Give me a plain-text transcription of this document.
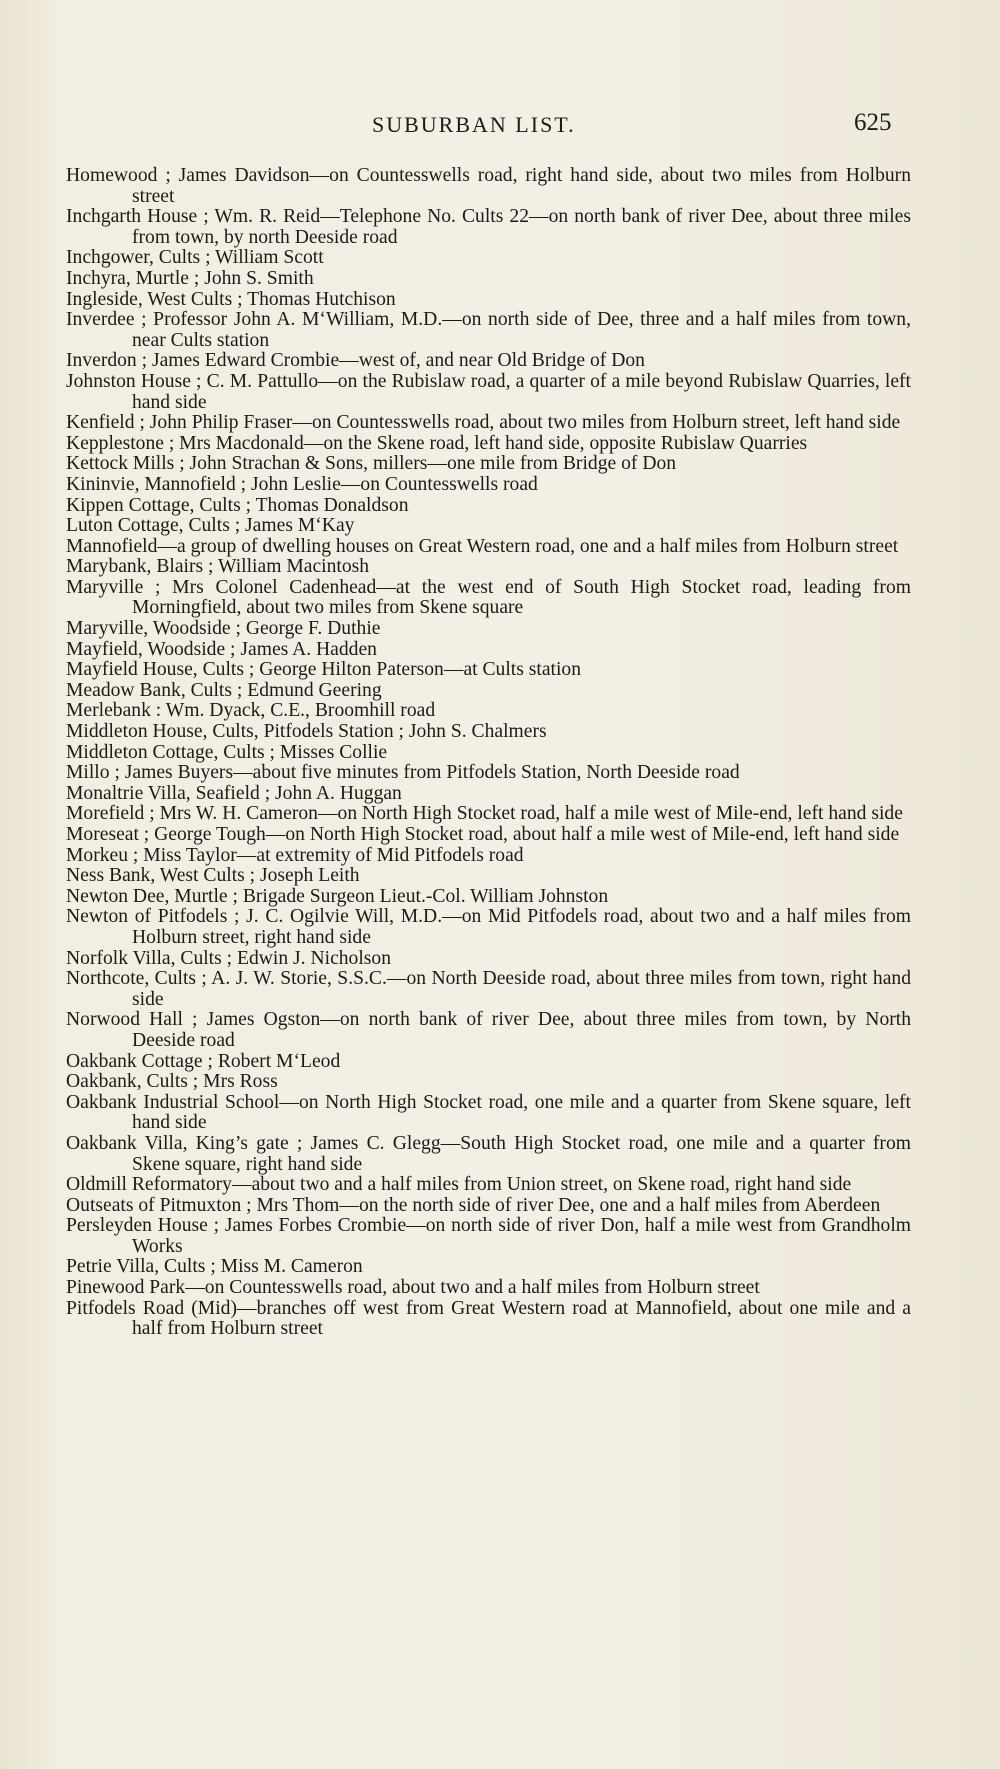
SUBURBAN LIST.	625
Homewood ; James Davidson—on Countesswells road, right hand side, about two miles from Holburn street
Inchgarth House ; Wm. R. Reid—Telephone No. Cults 22—on north bank of river Dee, about three miles from town, by north Deeside road
Inchgower, Cults ; William Scott
Inchyra, Murtle ; John S. Smith
Ingleside, West Cults ; Thomas Hutchison
Inverdee ; Professor John A. M‘William, M.D.—on north side of Dee, three and a half miles from town, near Cults station
Inverdon ; James Edward Crombie—west of, and near Old Bridge of Don
Johnston House ; C. M. Pattullo—on the Rubislaw road, a quarter of a mile beyond Rubislaw Quarries, left hand side
Kenfield ; John Philip Fraser—on Countesswells road, about two miles from Holburn street, left hand side
Kepplestone ; Mrs Macdonald—on the Skene road, left hand side, opposite Rubislaw Quarries
Kettock Mills ; John Strachan & Sons, millers—one mile from Bridge of Don
Kininvie, Mannofield ; John Leslie—on Countesswells road
Kippen Cottage, Cults ; Thomas Donaldson
Luton Cottage, Cults ; James M‘Kay
Mannofield—a group of dwelling houses on Great Western road, one and a half miles from Holburn street
Marybank, Blairs ; William Macintosh
Maryville ; Mrs Colonel Cadenhead—at the west end of South High Stocket road, leading from Morningfield, about two miles from Skene square
Maryville, Woodside ; George F. Duthie
Mayfield, Woodside ; James A. Hadden
Mayfield House, Cults ; George Hilton Paterson—at Cults station
Meadow Bank, Cults ; Edmund Geering
Merlebank : Wm. Dyack, C.E., Broomhill road
Middleton House, Cults, Pitfodels Station ; John S. Chalmers
Middleton Cottage, Cults ; Misses Collie
Millo ; James Buyers—about five minutes from Pitfodels Station, North Deeside road
Monaltrie Villa, Seafield ; John A. Huggan
Morefield ; Mrs W. H. Cameron—on North High Stocket road, half a mile west of Mile-end, left hand side
Moreseat ; George Tough—on North High Stocket road, about half a mile west of Mile-end, left hand side
Morkeu ; Miss Taylor—at extremity of Mid Pitfodels road
Ness Bank, West Cults ; Joseph Leith
Newton Dee, Murtle ; Brigade Surgeon Lieut.-Col. William Johnston
Newton of Pitfodels ; J. C. Ogilvie Will, M.D.—on Mid Pitfodels road, about two and a half miles from Holburn street, right hand side
Norfolk Villa, Cults ; Edwin J. Nicholson
Northcote, Cults ; A. J. W. Storie, S.S.C.—on North Deeside road, about three miles from town, right hand side
Norwood Hall ; James Ogston—on north bank of river Dee, about three miles from town, by North Deeside road
Oakbank Cottage ; Robert M‘Leod
Oakbank, Cults ; Mrs Ross
Oakbank Industrial School—on North High Stocket road, one mile and a quarter from Skene square, left hand side
Oakbank Villa, King’s gate ; James C. Glegg—South High Stocket road, one mile and a quarter from Skene square, right hand side
Oldmill Reformatory—about two and a half miles from Union street, on Skene road, right hand side
Outseats of Pitmuxton ; Mrs Thom—on the north side of river Dee, one and a half miles from Aberdeen
Persleyden House ; James Forbes Crombie—on north side of river Don, half a mile west from Grandholm Works
Petrie Villa, Cults ; Miss M. Cameron
Pinewood Park—on Countesswells road, about two and a half miles from Holburn street
Pitfodels Road (Mid)—branches off west from Great Western road at Mannofield, about one mile and a half from Holburn street
